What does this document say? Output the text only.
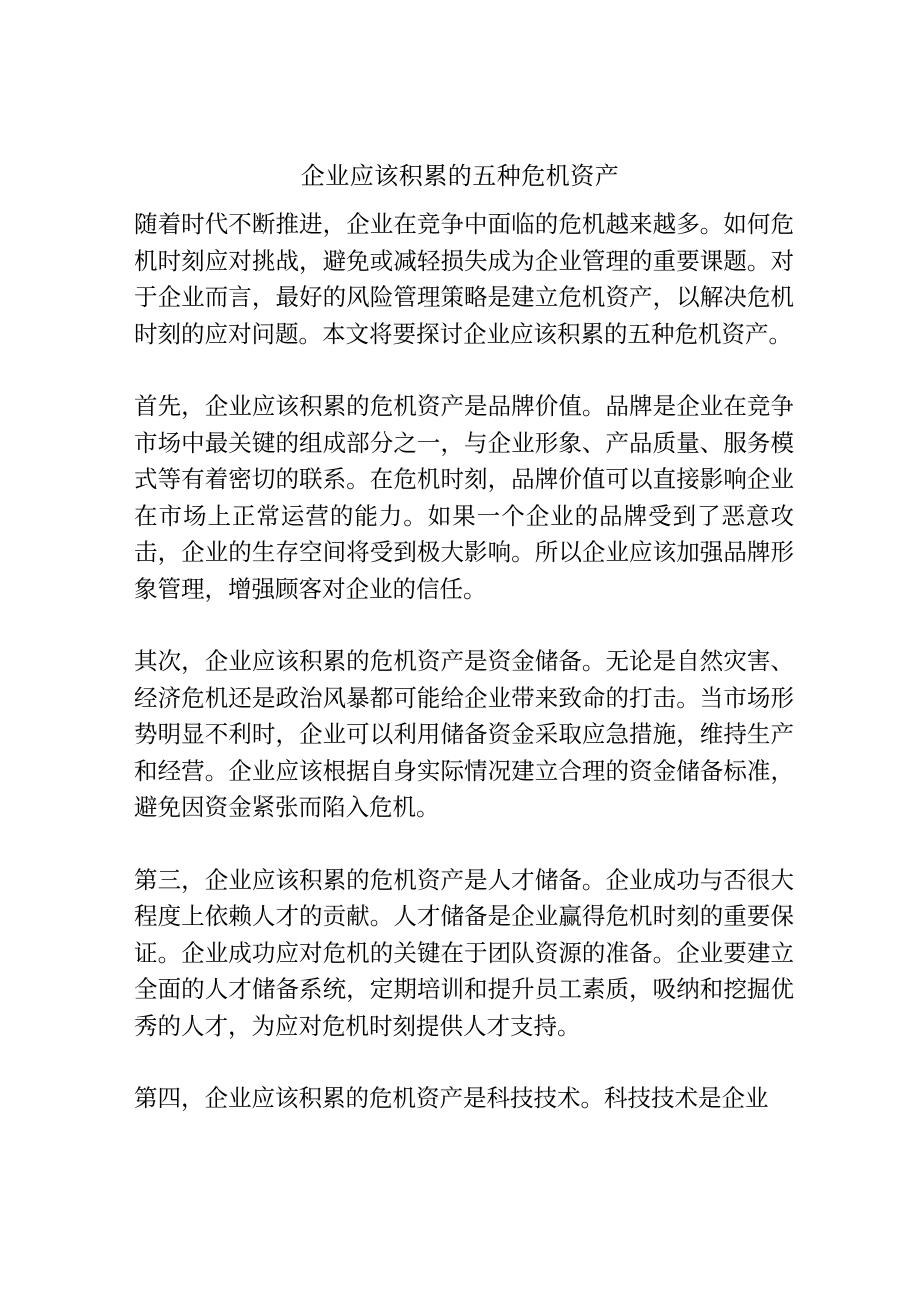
企业应该积累的五种危机资产

随着时代不断推进，企业在竞争中面临的危机越来越多。如何危机时刻应对挑战，避免或减轻损失成为企业管理的重要课题。对于企业而言，最好的风险管理策略是建立危机资产，以解决危机时刻的应对问题。本文将要探讨企业应该积累的五种危机资产。

首先，企业应该积累的危机资产是品牌价值。品牌是企业在竞争市场中最关键的组成部分之一，与企业形象、产品质量、服务模式等有着密切的联系。在危机时刻，品牌价值可以直接影响企业在市场上正常运营的能力。如果一个企业的品牌受到了恶意攻击，企业的生存空间将受到极大影响。所以企业应该加强品牌形象管理，增强顾客对企业的信任。

其次，企业应该积累的危机资产是资金储备。无论是自然灾害、经济危机还是政治风暴都可能给企业带来致命的打击。当市场形势明显不利时，企业可以利用储备资金采取应急措施，维持生产和经营。企业应该根据自身实际情况建立合理的资金储备标准，避免因资金紧张而陷入危机。

第三，企业应该积累的危机资产是人才储备。企业成功与否很大程度上依赖人才的贡献。人才储备是企业赢得危机时刻的重要保证。企业成功应对危机的关键在于团队资源的准备。企业要建立全面的人才储备系统，定期培训和提升员工素质，吸纳和挖掘优秀的人才，为应对危机时刻提供人才支持。

第四，企业应该积累的危机资产是科技技术。科技技术是企业
